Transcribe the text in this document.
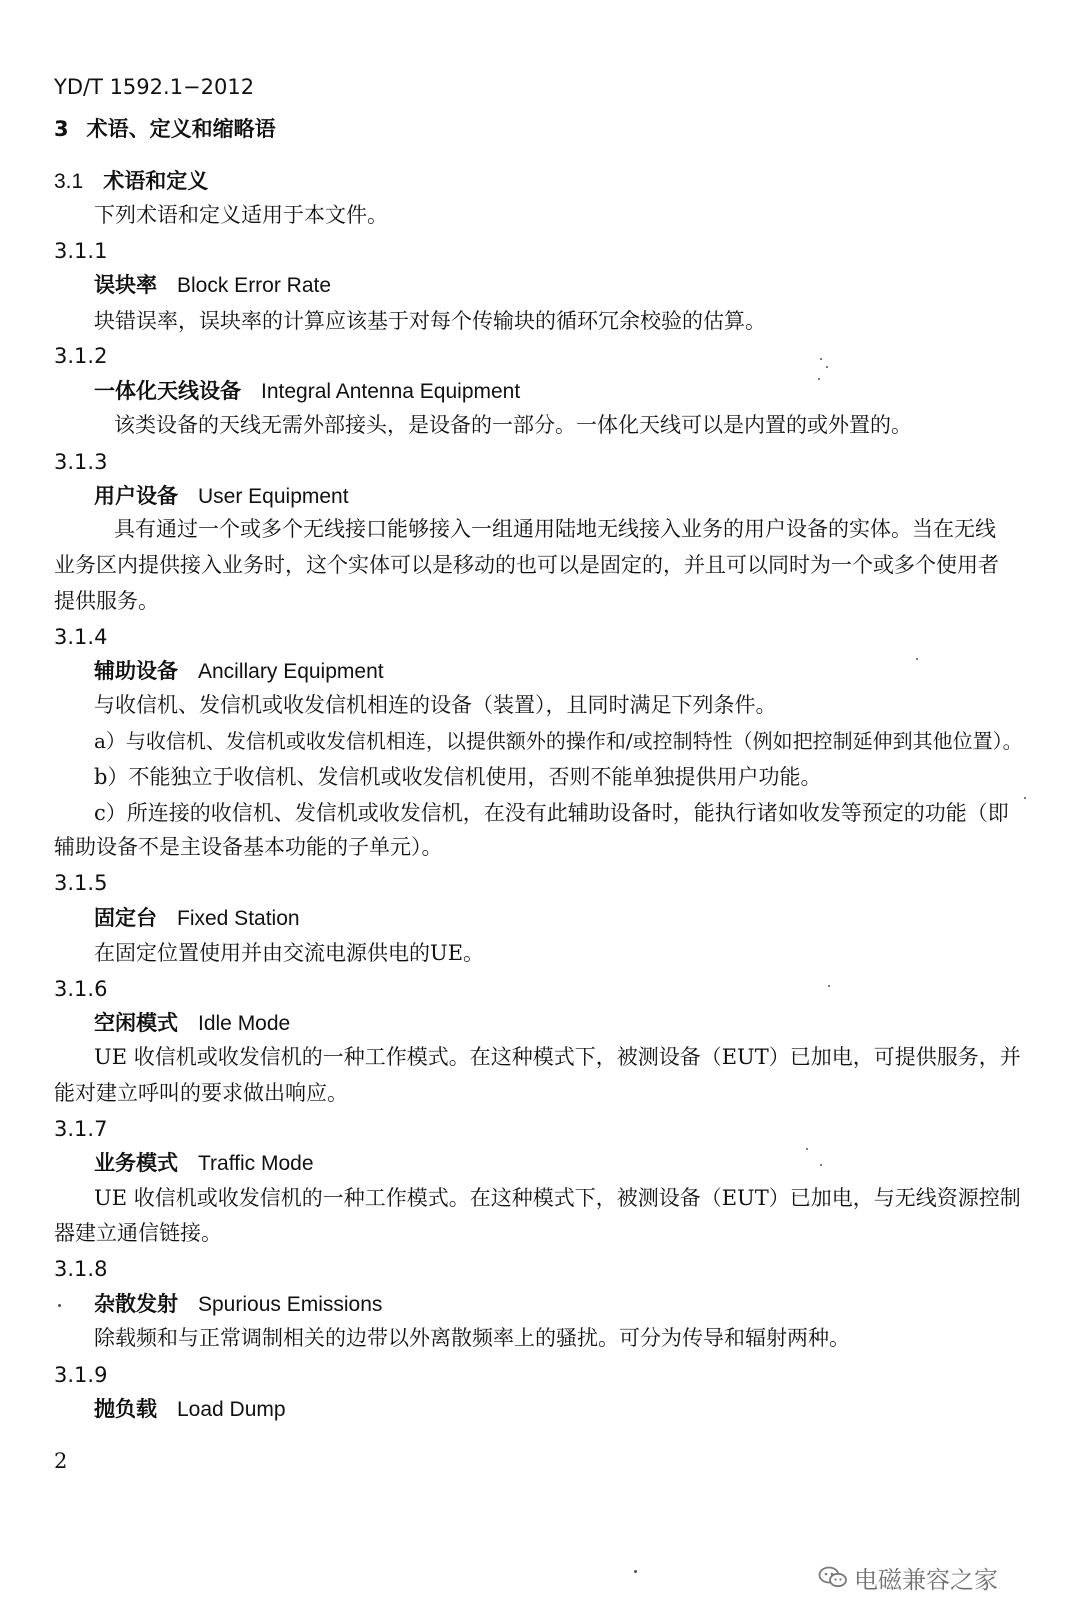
YD/T 1592.1−2012
3 术语、定义和缩略语
3.1 术语和定义
下列术语和定义适用于本文件。
3.1.1
误块率 Block Error Rate
块错误率，误块率的计算应该基于对每个传输块的循环冗余校验的估算。
3.1.2
一体化天线设备 Integral Antenna Equipment
该类设备的天线无需外部接头，是设备的一部分。一体化天线可以是内置的或外置的。
3.1.3
用户设备 User Equipment
具有通过一个或多个无线接口能够接入一组通用陆地无线接入业务的用户设备的实体。当在无线
业务区内提供接入业务时，这个实体可以是移动的也可以是固定的，并且可以同时为一个或多个使用者
提供服务。
3.1.4
辅助设备 Ancillary Equipment
与收信机、发信机或收发信机相连的设备（装置），且同时满足下列条件。
a）与收信机、发信机或收发信机相连，以提供额外的操作和/或控制特性（例如把控制延伸到其他位置）。
b）不能独立于收信机、发信机或收发信机使用，否则不能单独提供用户功能。
c）所连接的收信机、发信机或收发信机，在没有此辅助设备时，能执行诸如收发等预定的功能（即
辅助设备不是主设备基本功能的子单元）。
3.1.5
固定台 Fixed Station
在固定位置使用并由交流电源供电的UE。
3.1.6
空闲模式 Idle Mode
UE 收信机或收发信机的一种工作模式。在这种模式下，被测设备（EUT）已加电，可提供服务，并
能对建立呼叫的要求做出响应。
3.1.7
业务模式 Traffic Mode
UE 收信机或收发信机的一种工作模式。在这种模式下，被测设备（EUT）已加电，与无线资源控制
器建立通信链接。
3.1.8
杂散发射 Spurious Emissions
除载频和与正常调制相关的边带以外离散频率上的骚扰。可分为传导和辐射两种。
3.1.9
抛负载 Load Dump
2
电磁兼容之家
